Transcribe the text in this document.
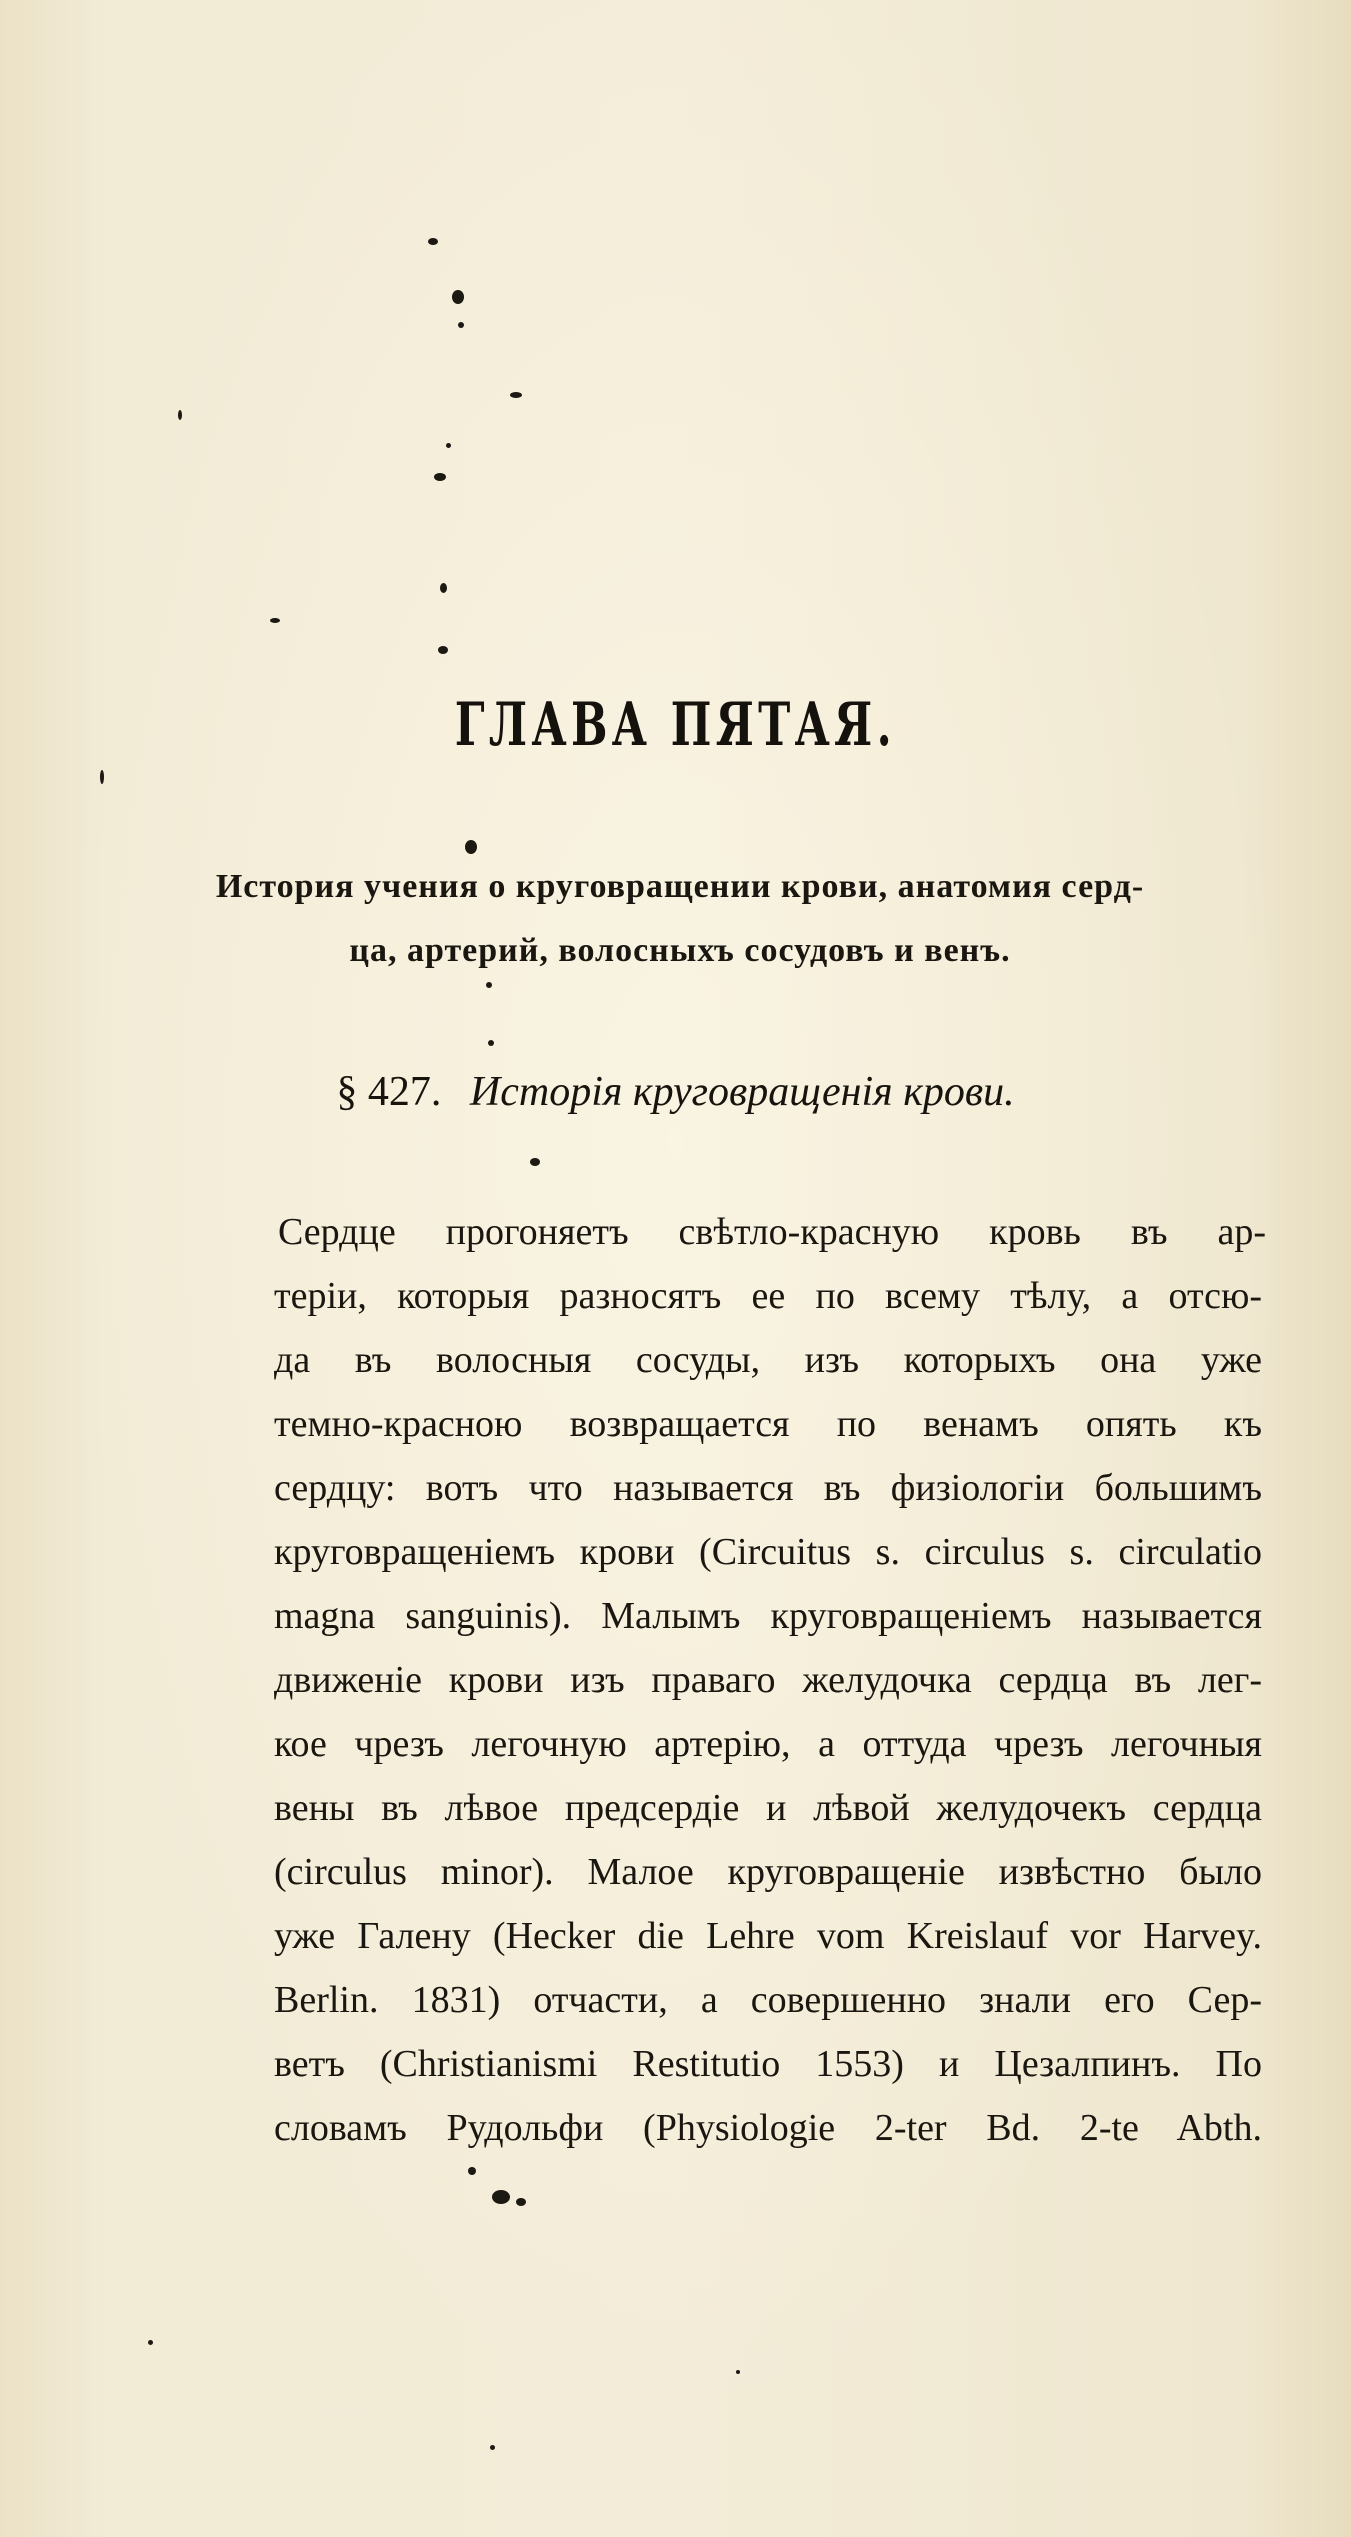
ГЛАВА ПЯТАЯ.
История учения о круговращении крови, анатомия серд-
ца, артерий, волосныхъ сосудовъ и венъ.
§ 427. Исторія круговращенія крови.
Сердце прогоняетъ свѣтло-красную кровь въ ар-
теріи, которыя разносятъ ее по всему тѣлу, а отсю-
да въ волосныя сосуды, изъ которыхъ она уже
темно-красною возвращается по венамъ опять къ
сердцу: вотъ что называется въ физіологіи большимъ
круговращеніемъ крови (Circuitus s. circulus s. circulatio
magna sanguinis). Малымъ круговращеніемъ называется
движеніе крови изъ праваго желудочка сердца въ лег-
кое чрезъ легочную артерію, а оттуда чрезъ легочныя
вены въ лѣвое предсердіе и лѣвой желудочекъ сердца
(circulus minor). Малое круговращеніе извѣстно было
уже Галену (Hecker die Lehre vom Kreislauf vor Harvey.
Berlin. 1831) отчасти, а совершенно знали его Сер-
ветъ (Christianismi Restitutio 1553) и Цезалпинъ. По
словамъ Рудольфи (Physiologie 2-ter Bd. 2-te Abth.
